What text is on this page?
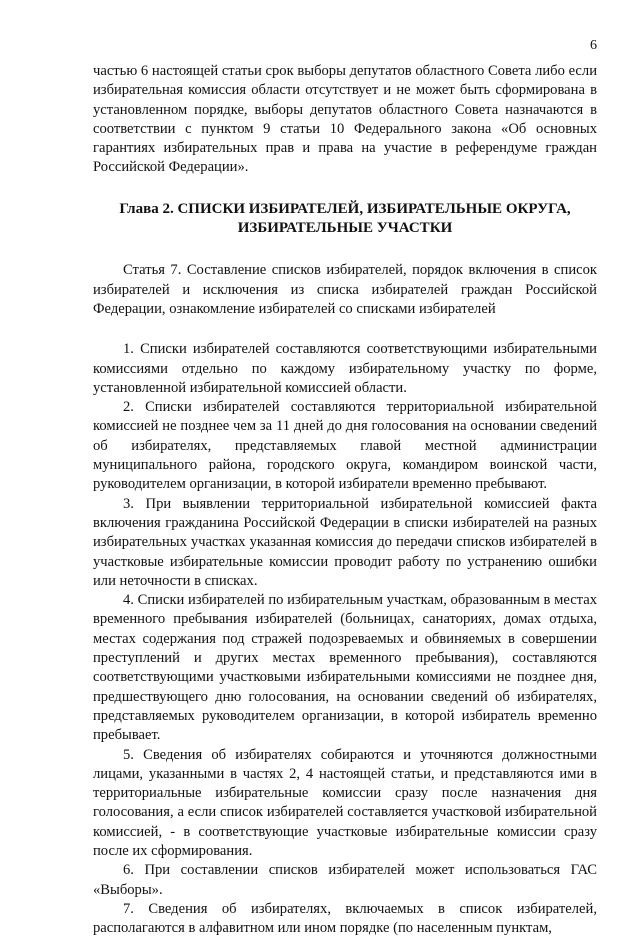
6

частью 6 настоящей статьи срок выборы депутатов областного Совета либо если избирательная комиссия области отсутствует и не может быть сформирована в установленном порядке, выборы депутатов областного Совета назначаются в соответствии с пунктом 9 статьи 10 Федерального закона «Об основных гарантиях избирательных прав и права на участие в референдуме граждан Российской Федерации».

Глава 2. СПИСКИ ИЗБИРАТЕЛЕЙ, ИЗБИРАТЕЛЬНЫЕ ОКРУГА,
ИЗБИРАТЕЛЬНЫЕ УЧАСТКИ

Статья 7. Составление списков избирателей, порядок включения в список избирателей и исключения из списка избирателей граждан Российской Федерации, ознакомление избирателей со списками избирателей

1. Списки избирателей составляются соответствующими избирательными комиссиями отдельно по каждому избирательному участку по форме, установленной избирательной комиссией области.

2. Списки избирателей составляются территориальной избирательной комиссией не позднее чем за 11 дней до дня голосования на основании сведений об избирателях, представляемых главой местной администрации муниципального района, городского округа, командиром воинской части, руководителем организации, в которой избиратели временно пребывают.

3. При выявлении территориальной избирательной комиссией факта включения гражданина Российской Федерации в списки избирателей на разных избирательных участках указанная комиссия до передачи списков избирателей в участковые избирательные комиссии проводит работу по устранению ошибки или неточности в списках.

4. Списки избирателей по избирательным участкам, образованным в местах временного пребывания избирателей (больницах, санаториях, домах отдыха, местах содержания под стражей подозреваемых и обвиняемых в совершении преступлений и других местах временного пребывания), составляются соответствующими участковыми избирательными комиссиями не позднее дня, предшествующего дню голосования, на основании сведений об избирателях, представляемых руководителем организации, в которой избиратель временно пребывает.

5. Сведения об избирателях собираются и уточняются должностными лицами, указанными в частях 2, 4 настоящей статьи, и представляются ими в территориальные избирательные комиссии сразу после назначения дня голосования, а если список избирателей составляется участковой избирательной комиссией, - в соответствующие участковые избирательные комиссии сразу после их сформирования.

6. При составлении списков избирателей может использоваться ГАС «Выборы».

7. Сведения об избирателях, включаемых в список избирателей, располагаются в алфавитном или ином порядке (по населенным пунктам,
